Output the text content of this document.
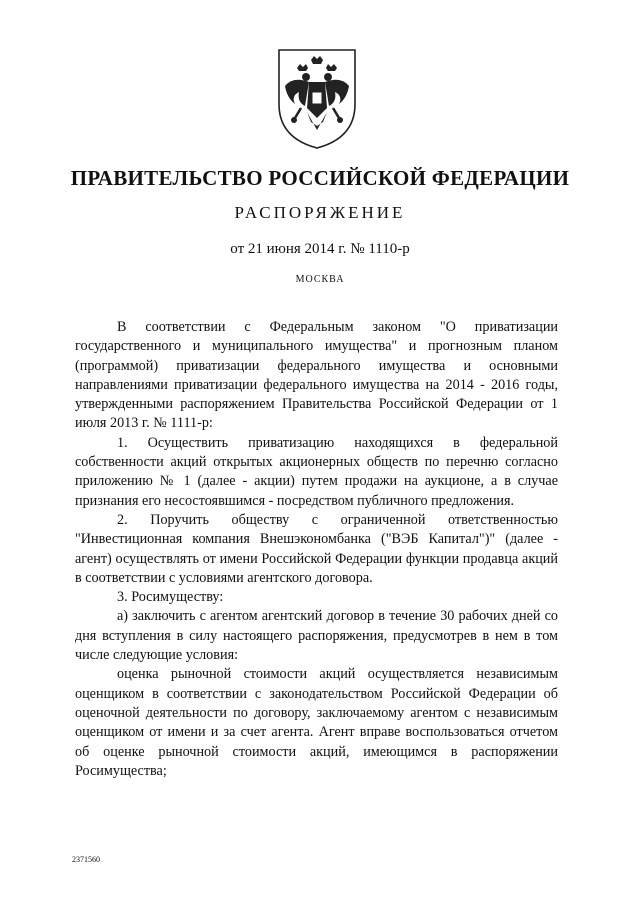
ПРАВИТЕЛЬСТВО РОССИЙСКОЙ ФЕДЕРАЦИИ
РАСПОРЯЖЕНИЕ
от 21 июня 2014 г. № 1110-р
МОСКВА

В соответствии с Федеральным законом "О приватизации государственного и муниципального имущества" и прогнозным планом (программой) приватизации федерального имущества и основными направлениями приватизации федерального имущества на 2014 - 2016 годы, утвержденными распоряжением Правительства Российской Федерации от 1 июля 2013 г. № 1111-р:

1. Осуществить приватизацию находящихся в федеральной собственности акций открытых акционерных обществ по перечню согласно приложению № 1 (далее - акции) путем продажи на аукционе, а в случае признания его несостоявшимся - посредством публичного предложения.

2. Поручить обществу с ограниченной ответственностью "Инвестиционная компания Внешэкономбанка ("ВЭБ Капитал")" (далее - агент) осуществлять от имени Российской Федерации функции продавца акций в соответствии с условиями агентского договора.

3. Росимуществу:

а) заключить с агентом агентский договор в течение 30 рабочих дней со дня вступления в силу настоящего распоряжения, предусмотрев в нем в том числе следующие условия:

оценка рыночной стоимости акций осуществляется независимым оценщиком в соответствии с законодательством Российской Федерации об оценочной деятельности по договору, заключаемому агентом с независимым оценщиком от имени и за счет агента. Агент вправе воспользоваться отчетом об оценке рыночной стоимости акций, имеющимся в распоряжении Росимущества;

2371560
